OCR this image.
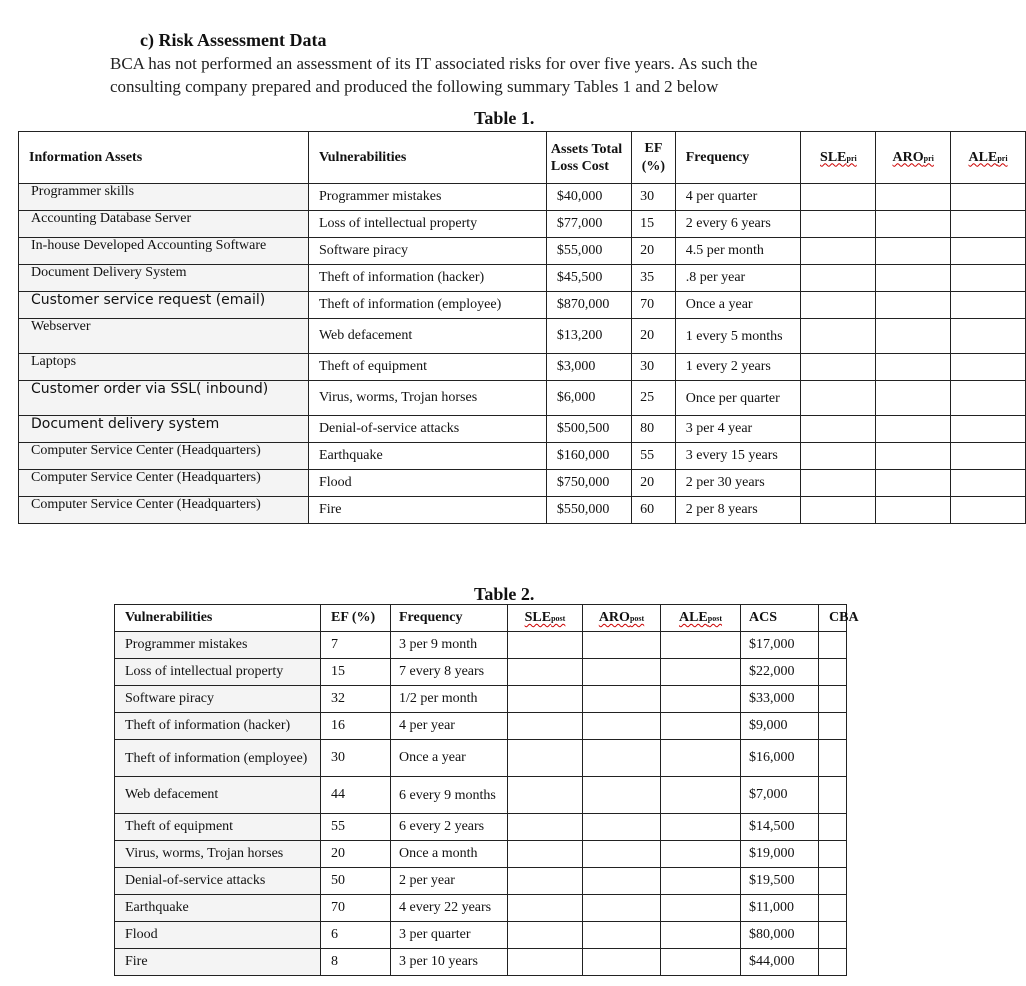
c) Risk Assessment Data
BCA has not performed an assessment of its IT associated risks for over five years. As such the
consulting company prepared and produced the following summary Tables 1 and 2 below
Table 1.
Information Assets	Vulnerabilities	Assets Total Loss Cost	EF (%)	Frequency	SLEpri	AROpri	ALEpri
Programmer skills	Programmer mistakes	$40,000	30	4 per quarter			
Accounting Database Server	Loss of intellectual property	$77,000	15	2 every 6 years			
In-house Developed Accounting Software	Software piracy	$55,000	20	4.5 per month			
Document Delivery System	Theft of information (hacker)	$45,500	35	.8 per year			
Customer service request (email)	Theft of information (employee)	$870,000	70	Once a year			
Webserver	Web defacement	$13,200	20	1 every 5 months			
Laptops	Theft of equipment	$3,000	30	1 every 2 years			
Customer order via SSL( inbound)	Virus, worms, Trojan horses	$6,000	25	Once per quarter			
Document delivery system	Denial-of-service attacks	$500,500	80	3 per 4 year			
Computer Service Center (Headquarters)	Earthquake	$160,000	55	3 every 15 years			
Computer Service Center (Headquarters)	Flood	$750,000	20	2 per 30 years			
Computer Service Center (Headquarters)	Fire	$550,000	60	2 per 8 years			
Table 2.
Vulnerabilities	EF (%)	Frequency	SLEpost	AROpost	ALEpost	ACS	CBA
Programmer mistakes	7	3 per 9 month				$17,000	
Loss of intellectual property	15	7 every 8 years				$22,000	
Software piracy	32	1/2 per month				$33,000	
Theft of information (hacker)	16	4 per year				$9,000	
Theft of information (employee)	30	Once a year				$16,000	
Web defacement	44	6 every 9 months				$7,000	
Theft of equipment	55	6 every 2 years				$14,500	
Virus, worms, Trojan horses	20	Once a month				$19,000	
Denial-of-service attacks	50	2 per year				$19,500	
Earthquake	70	4 every 22 years				$11,000	
Flood	6	3 per quarter				$80,000	
Fire	8	3 per 10 years				$44,000	
